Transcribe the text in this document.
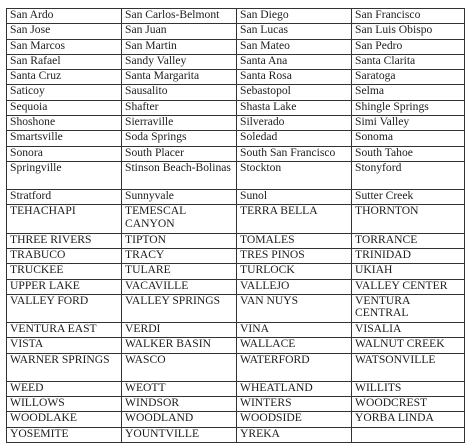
San Ardo	San Carlos-Belmont	San Diego	San Francisco
San Jose	San Juan	San Lucas	San Luis Obispo
San Marcos	San Martin	San Mateo	San Pedro
San Rafael	Sandy Valley	Santa Ana	Santa Clarita
Santa Cruz	Santa Margarita	Santa Rosa	Saratoga
Saticoy	Sausalito	Sebastopol	Selma
Sequoia	Shafter	Shasta Lake	Shingle Springs
Shoshone	Sierraville	Silverado	Simi Valley
Smartsville	Soda Springs	Soledad	Sonoma
Sonora	South Placer	South San Francisco	South Tahoe
Springville	Stinson Beach-Bolinas	Stockton	Stonyford
Stratford	Sunnyvale	Sunol	Sutter Creek
TEHACHAPI	TEMESCAL CANYON	TERRA BELLA	THORNTON
THREE RIVERS	TIPTON	TOMALES	TORRANCE
TRABUCO	TRACY	TRES PINOS	TRINIDAD
TRUCKEE	TULARE	TURLOCK	UKIAH
UPPER LAKE	VACAVILLE	VALLEJO	VALLEY CENTER
VALLEY FORD	VALLEY SPRINGS	VAN NUYS	VENTURA CENTRAL
VENTURA EAST	VERDI	VINA	VISALIA
VISTA	WALKER BASIN	WALLACE	WALNUT CREEK
WARNER SPRINGS	WASCO	WATERFORD	WATSONVILLE
WEED	WEOTT	WHEATLAND	WILLITS
WILLOWS	WINDSOR	WINTERS	WOODCREST
WOODLAKE	WOODLAND	WOODSIDE	YORBA LINDA
YOSEMITE	YOUNTVILLE	YREKA	
